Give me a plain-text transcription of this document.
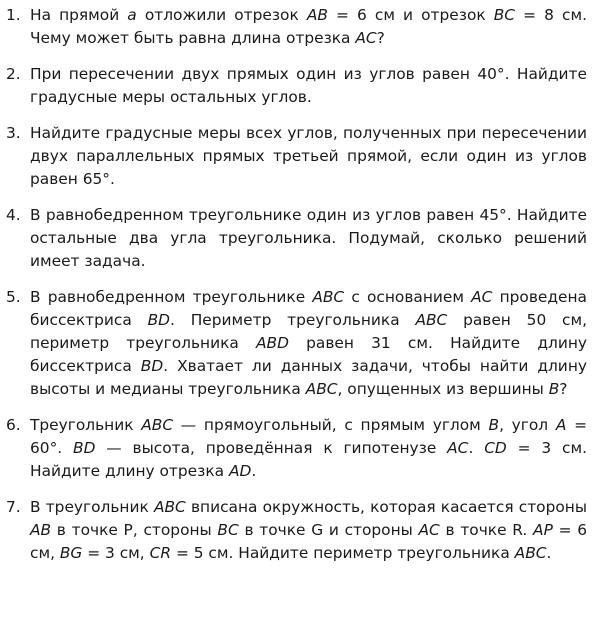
1. На прямой a отложили отрезок AB = 6 см и отрезок BC = 8 см. Чему может быть равна длина отрезка AC?
2. При пересечении двух прямых один из углов равен 40°. Найдите градусные меры остальных углов.
3. Найдите градусные меры всех углов, полученных при пересечении двух параллельных прямых третьей прямой, если один из углов равен 65°.
4. В равнобедренном треугольнике один из углов равен 45°. Найдите остальные два угла треугольника. Подумай, сколько решений имеет задача.
5. В равнобедренном треугольнике ABC с основанием AC проведена биссектриса BD. Периметр треугольника ABC равен 50 см, периметр треугольника ABD равен 31 см. Найдите длину биссектриса BD. Хватает ли данных задачи, чтобы найти длину высоты и медианы треугольника ABC, опущенных из вершины B?
6. Треугольник ABC — прямоугольный, с прямым углом B, угол A = 60°. BD — высота, проведённая к гипотенузе AC. CD = 3 см. Найдите длину отрезка AD.
7. В треугольник ABC вписана окружность, которая касается стороны AB в точке P, стороны BC в точке G и стороны AC в точке R. AP = 6 см, BG = 3 см, CR = 5 см. Найдите периметр треугольника ABC.
